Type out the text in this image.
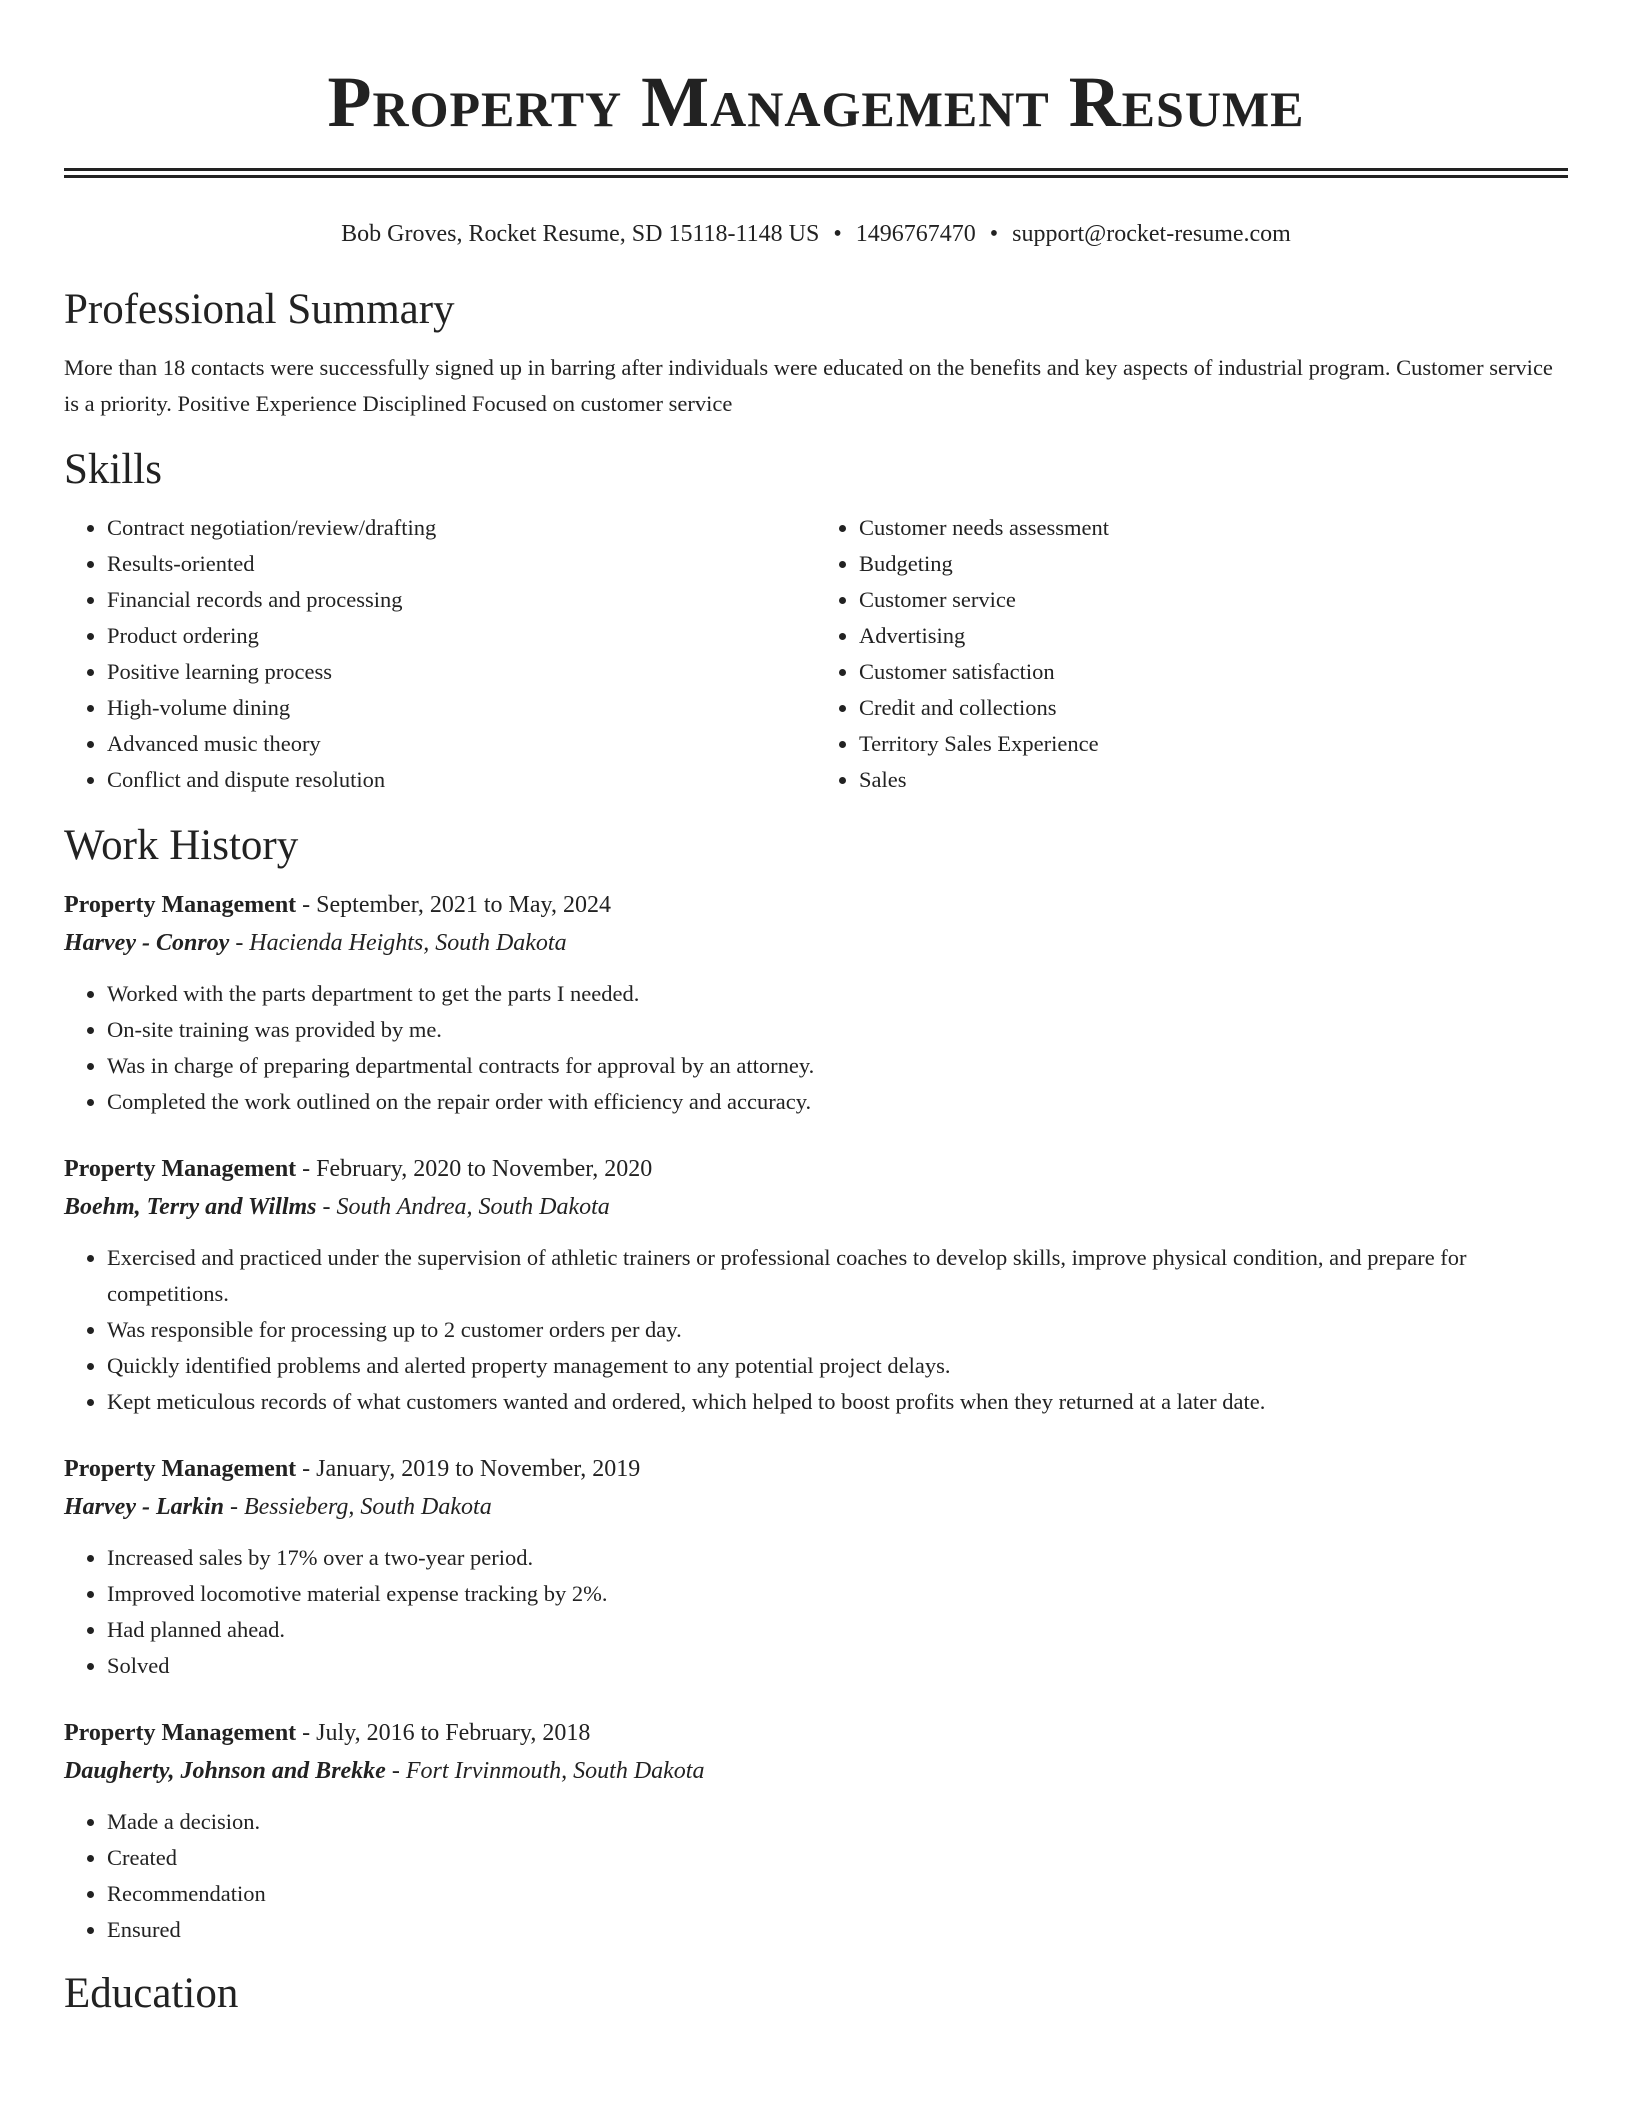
Property Management Resume
Bob Groves, Rocket Resume, SD 15118-1148 US • 1496767470 • support@rocket-resume.com
Professional Summary

More than 18 contacts were successfully signed up in barring after individuals were educated on the benefits and key aspects of industrial program. Customer service is a priority. Positive Experience Disciplined Focused on customer service

Skills
• Contract negotiation/review/drafting
• Results-oriented
• Financial records and processing
• Product ordering
• Positive learning process
• High-volume dining
• Advanced music theory
• Conflict and dispute resolution
• Customer needs assessment
• Budgeting
• Customer service
• Advertising
• Customer satisfaction
• Credit and collections
• Territory Sales Experience
• Sales
Work History

Property Management - September, 2021 to May, 2024

Harvey - Conroy - Hacienda Heights, South Dakota

• Worked with the parts department to get the parts I needed.
• On-site training was provided by me.
• Was in charge of preparing departmental contracts for approval by an attorney.
• Completed the work outlined on the repair order with efficiency and accuracy.

Property Management - February, 2020 to November, 2020

Boehm, Terry and Willms - South Andrea, South Dakota

• Exercised and practiced under the supervision of athletic trainers or professional coaches to develop skills, improve physical condition, and prepare for competitions.
• Was responsible for processing up to 2 customer orders per day.
• Quickly identified problems and alerted property management to any potential project delays.
• Kept meticulous records of what customers wanted and ordered, which helped to boost profits when they returned at a later date.

Property Management - January, 2019 to November, 2019

Harvey - Larkin - Bessieberg, South Dakota

• Increased sales by 17% over a two-year period.
• Improved locomotive material expense tracking by 2%.
• Had planned ahead.
• Solved

Property Management - July, 2016 to February, 2018

Daugherty, Johnson and Brekke - Fort Irvinmouth, South Dakota

• Made a decision.
• Created
• Recommendation
• Ensured
Education
